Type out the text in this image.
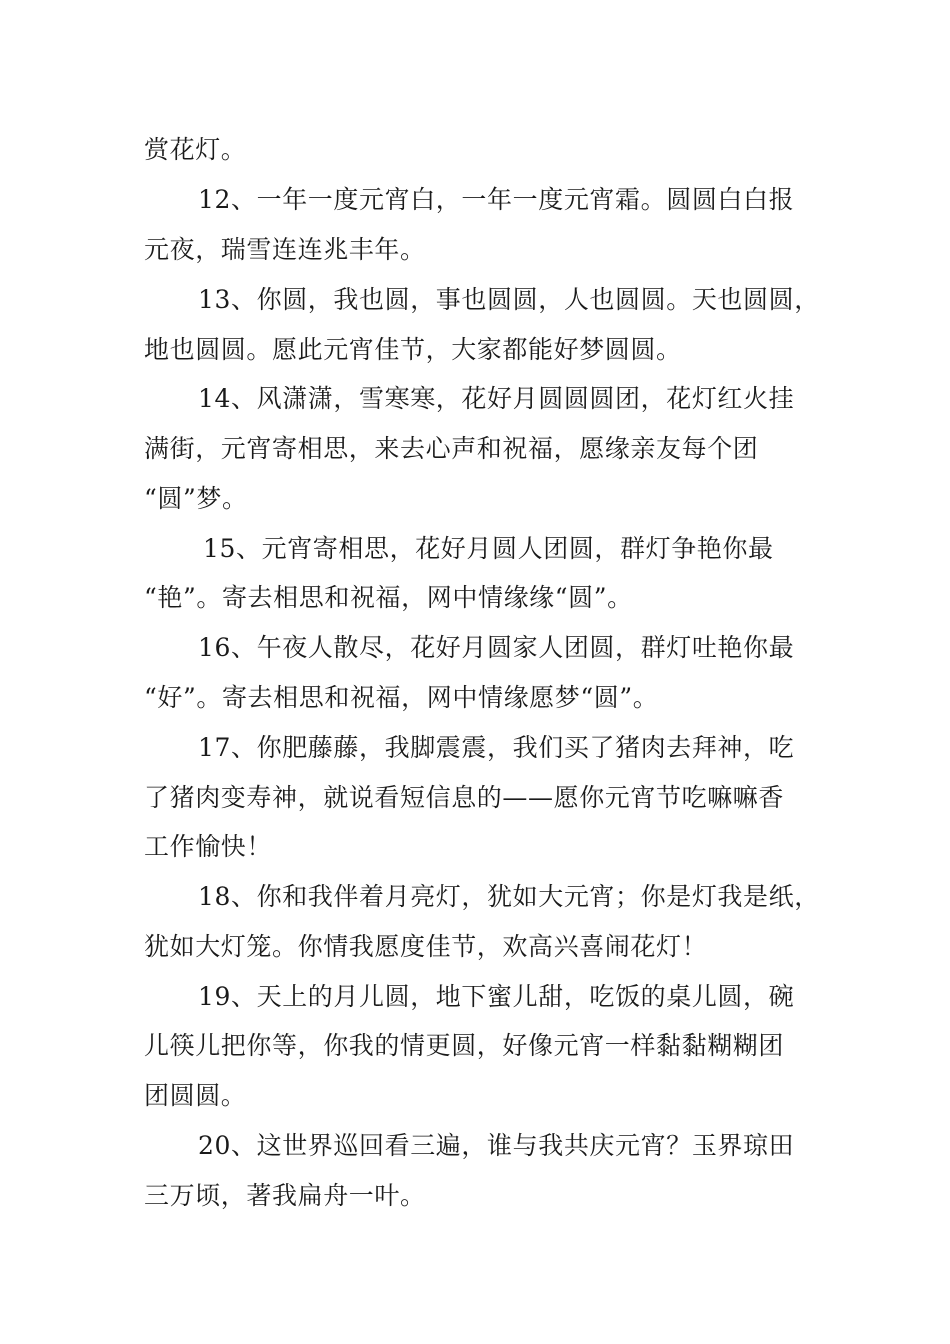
赏花灯。
12、一年一度元宵白，一年一度元宵霜。圆圆白白报
元夜，瑞雪连连兆丰年。
13、你圆，我也圆，事也圆圆，人也圆圆。天也圆圆，
地也圆圆。愿此元宵佳节，大家都能好梦圆圆。
14、风潇潇，雪寒寒，花好月圆圆圆团，花灯红火挂
满街，元宵寄相思，来去心声和祝福，愿缘亲友每个团
“圆”梦。
15、元宵寄相思，花好月圆人团圆，群灯争艳你最
“艳”。寄去相思和祝福，网中情缘缘“圆”。
16、午夜人散尽，花好月圆家人团圆，群灯吐艳你最
“好”。寄去相思和祝福，网中情缘愿梦“圆”。
17、你肥藤藤，我脚震震，我们买了猪肉去拜神，吃
了猪肉变寿神，就说看短信息的——愿你元宵节吃嘛嘛香
工作愉快！
18、你和我伴着月亮灯，犹如大元宵；你是灯我是纸，
犹如大灯笼。你情我愿度佳节，欢高兴喜闹花灯！
19、天上的月儿圆，地下蜜儿甜，吃饭的桌儿圆，碗
儿筷儿把你等，你我的情更圆，好像元宵一样黏黏糊糊团
团圆圆。
20、这世界巡回看三遍，谁与我共庆元宵？玉界琼田
三万顷，著我扁舟一叶。
